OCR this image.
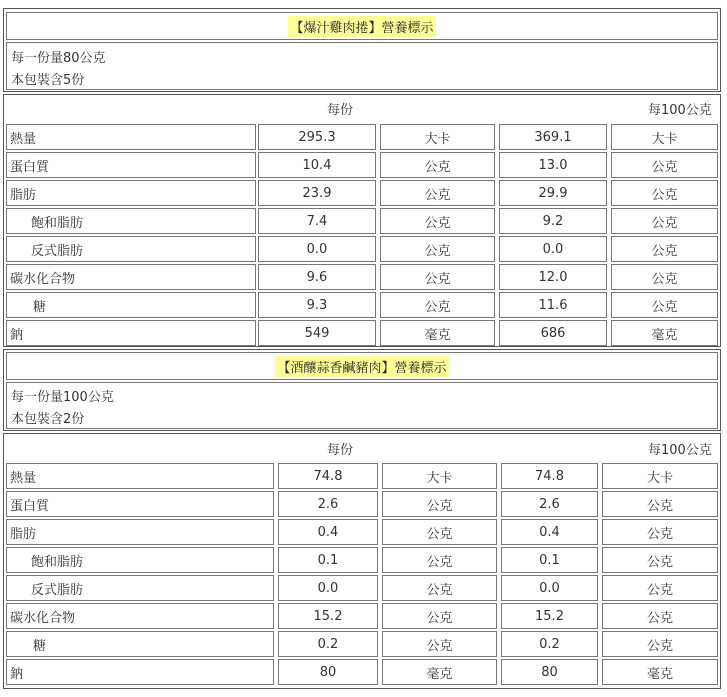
【爆汁雞肉捲】營養標示
每一份量80公克
本包裝含5份
每份	每100公克
熱量	295.3	大卡	369.1	大卡
蛋白質	10.4	公克	13.0	公克
脂肪	23.9	公克	29.9	公克
飽和脂肪	7.4	公克	9.2	公克
反式脂肪	0.0	公克	0.0	公克
碳水化合物	9.6	公克	12.0	公克
糖	9.3	公克	11.6	公克
鈉	549	毫克	686	毫克
【酒釀蒜香鹹豬肉】營養標示
每一份量100公克
本包裝含2份
每份	每100公克
熱量	74.8	大卡	74.8	大卡
蛋白質	2.6	公克	2.6	公克
脂肪	0.4	公克	0.4	公克
飽和脂肪	0.1	公克	0.1	公克
反式脂肪	0.0	公克	0.0	公克
碳水化合物	15.2	公克	15.2	公克
糖	0.2	公克	0.2	公克
鈉	80	毫克	80	毫克
